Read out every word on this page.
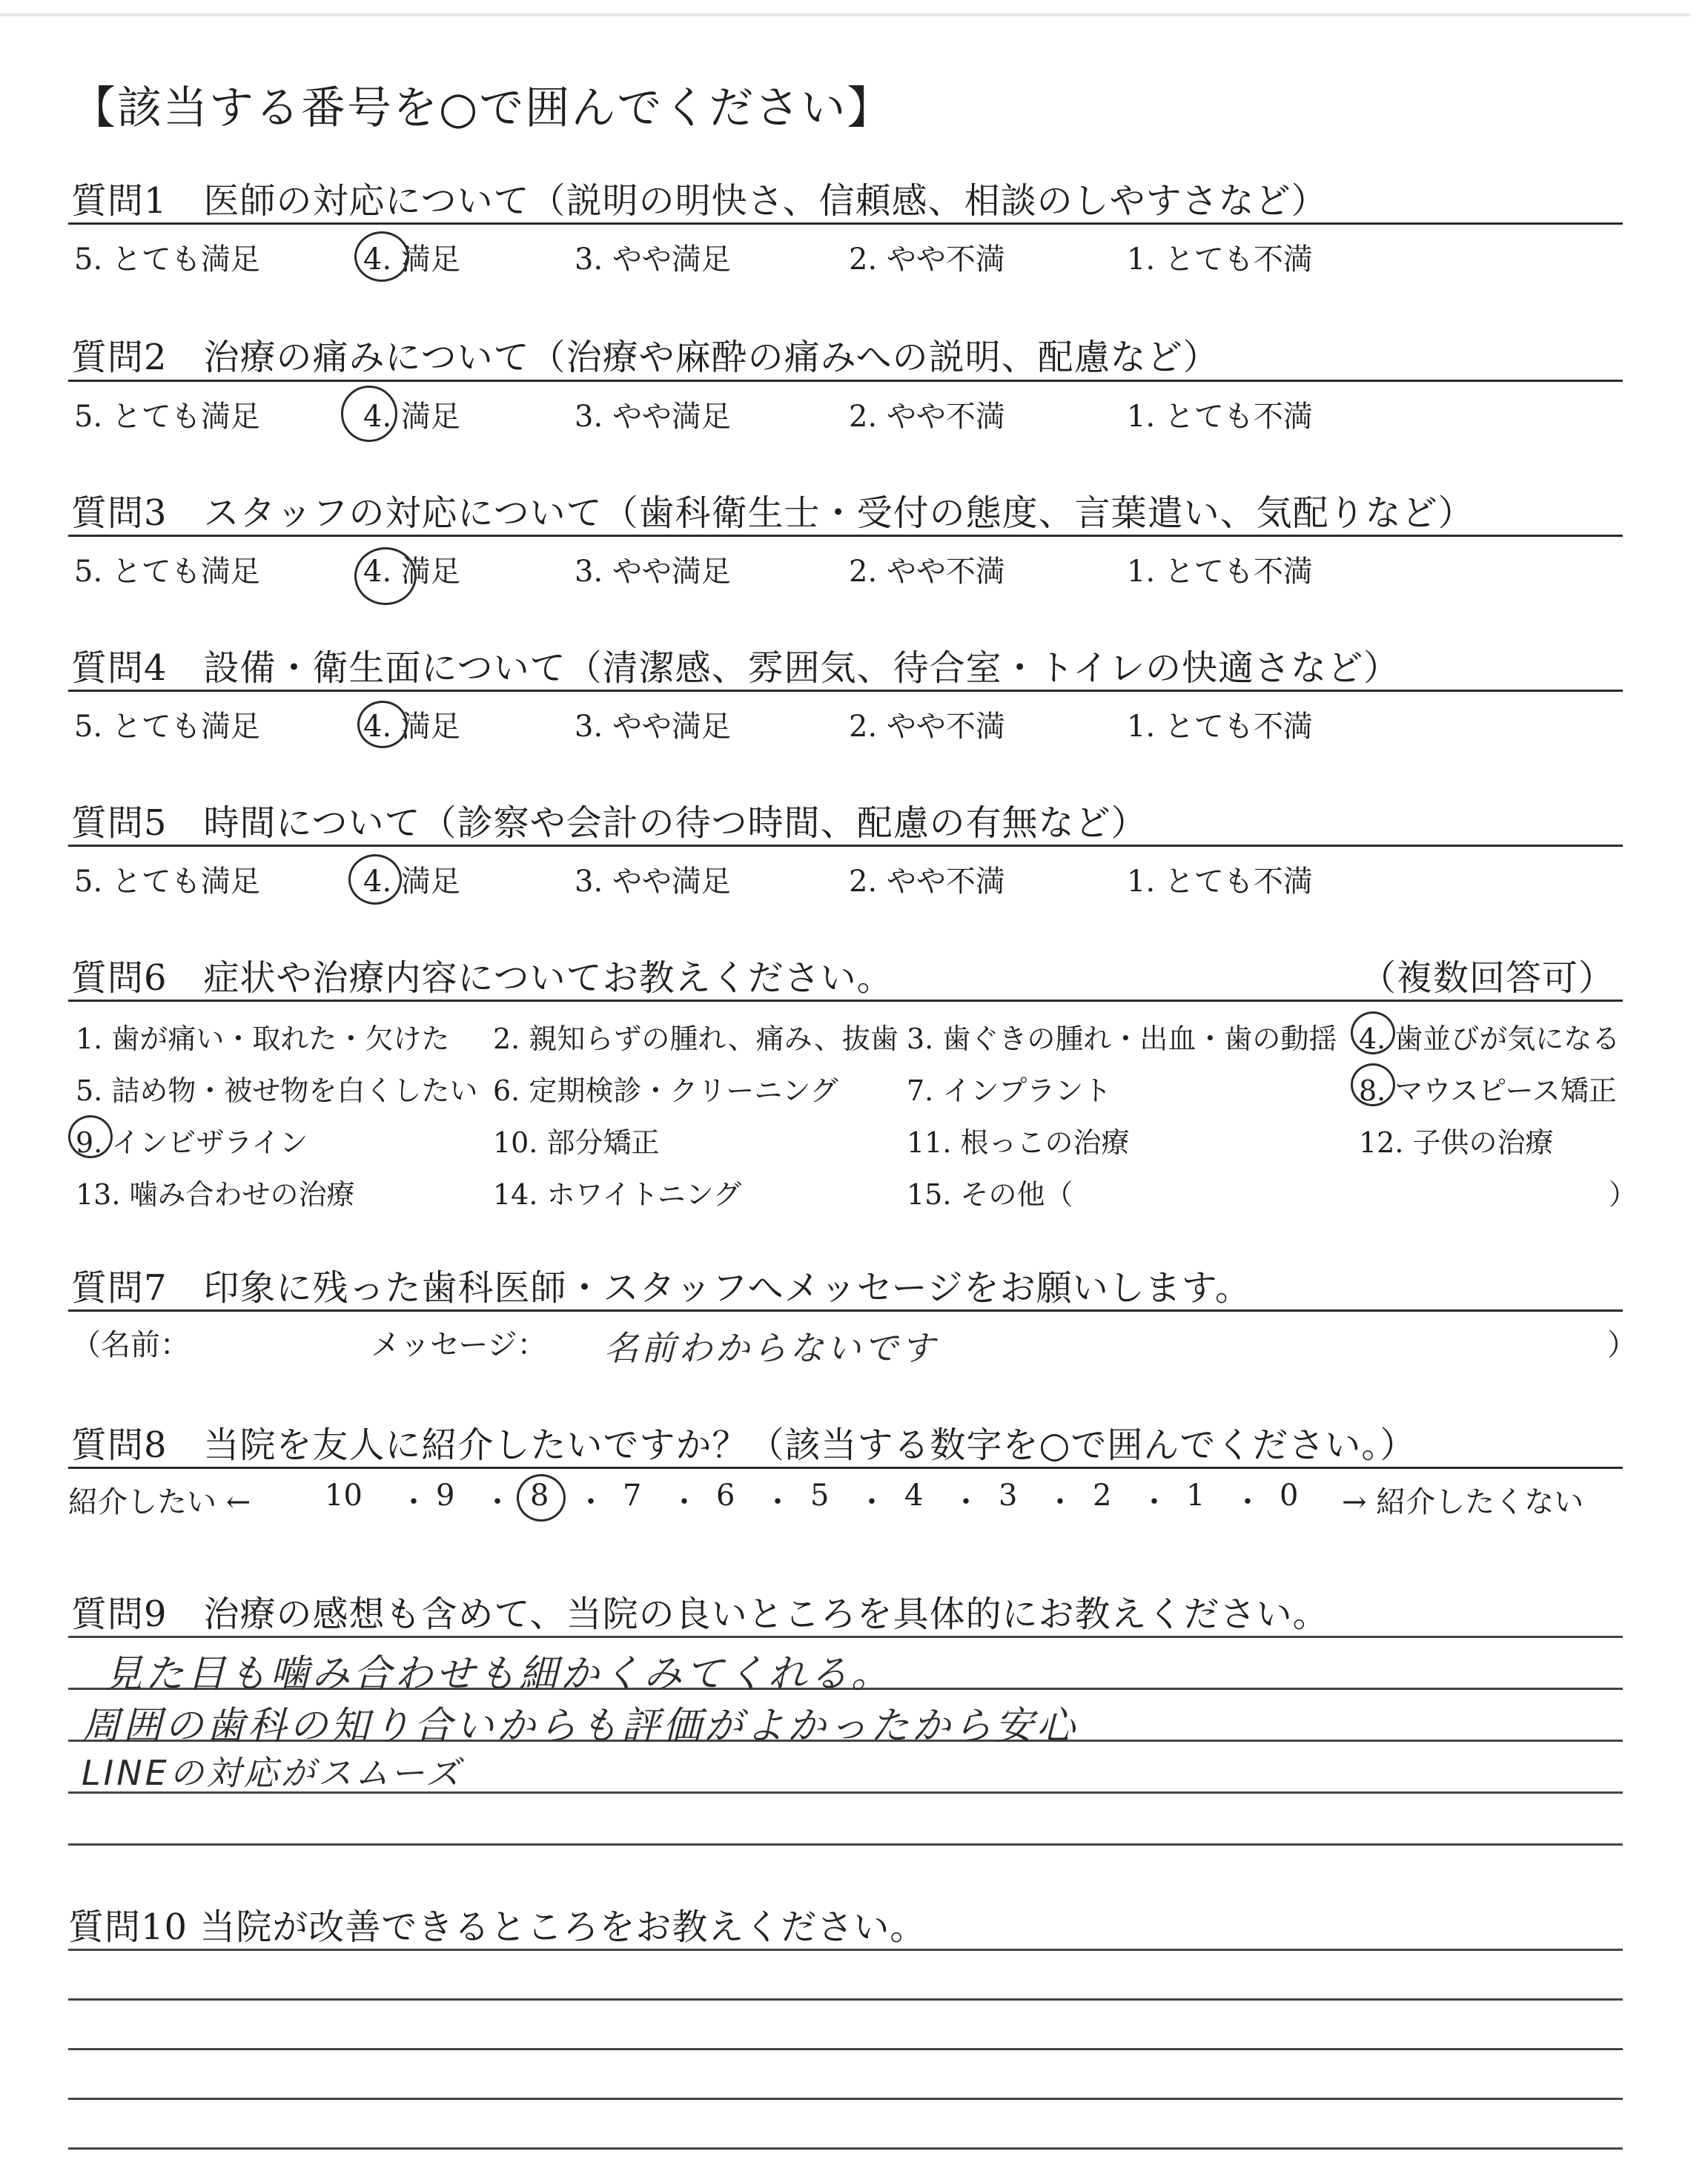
【該当する番号を○で囲んでください】
質問1　医師の対応について（説明の明快さ、信頼感、相談のしやすさなど）
5. とても満足	4. 満足	3. やや満足	2. やや不満	1. とても不満
質問2　治療の痛みについて（治療や麻酔の痛みへの説明、配慮など）
5. とても満足	4. 満足	3. やや満足	2. やや不満	1. とても不満
質問3　スタッフの対応について（歯科衛生士・受付の態度、言葉遣い、気配りなど）
5. とても満足	4. 満足	3. やや満足	2. やや不満	1. とても不満
質問4　設備・衛生面について（清潔感、雰囲気、待合室・トイレの快適さなど）
5. とても満足	4. 満足	3. やや満足	2. やや不満	1. とても不満
質問5　時間について（診察や会計の待つ時間、配慮の有無など）
5. とても満足	4. 満足	3. やや満足	2. やや不満	1. とても不満
質問6　症状や治療内容についてお教えください。	（複数回答可）
1. 歯が痛い・取れた・欠けた 2. 親知らずの腫れ、痛み、抜歯 3. 歯ぐきの腫れ・出血・歯の動揺 4. 歯並びが気になる
5. 詰め物・被せ物を白くしたい 6. 定期検診・クリーニング 7. インプラント	8. マウスピース矯正
9. インビザライン	10. 部分矯正	11. 根っこの治療	12. 子供の治療
13. 噛み合わせの治療	14. ホワイトニング	15. その他（	）
質問7　印象に残った歯科医師・スタッフへメッセージをお願いします。
（名前：	メッセージ： 名前わからないです	）
質問8　当院を友人に紹介したいですか？（該当する数字を○で囲んでください。）
紹介したい ←	→ 紹介したくない
10 ・ 9 ・ 8 ・ 7 ・ 6 ・ 5 ・ 4 ・ 3 ・ 2 ・ 1 ・ 0
質問9　治療の感想も含めて、当院の良いところを具体的にお教えください。
見た目も噛み合わせも細かくみてくれる。
周囲の歯科の知り合いからも評価がよかったから安心
LINEの対応がスムーズ
質問10 当院が改善できるところをお教えください。
